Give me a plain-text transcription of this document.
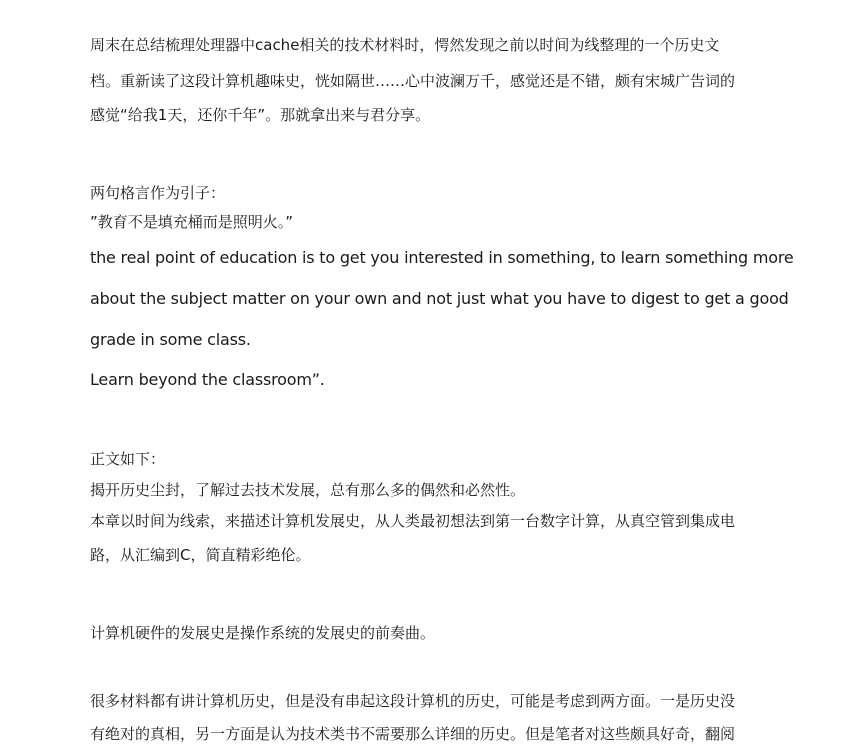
周末在总结梳理处理器中cache相关的技术材料时，愕然发现之前以时间为线整理的一个历史文
档。重新读了这段计算机趣味史，恍如隔世……心中波澜万千，感觉还是不错，颇有宋城广告词的
感觉“给我1天，还你千年”。那就拿出来与君分享。
两句格言作为引子：
”教育不是填充桶而是照明火。”
the real point of education is to get you interested in something, to learn something more
about the subject matter on your own and not just what you have to digest to get a good
grade in some class.
Learn beyond the classroom”.
正文如下：
揭开历史尘封，了解过去技术发展，总有那么多的偶然和必然性。
本章以时间为线索，来描述计算机发展史，从人类最初想法到第一台数字计算，从真空管到集成电
路，从汇编到C，简直精彩绝伦。
计算机硬件的发展史是操作系统的发展史的前奏曲。
很多材料都有讲计算机历史，但是没有串起这段计算机的历史，可能是考虑到两方面。一是历史没
有绝对的真相，另一方面是认为技术类书不需要那么详细的历史。但是笔者对这些颇具好奇，翻阅
